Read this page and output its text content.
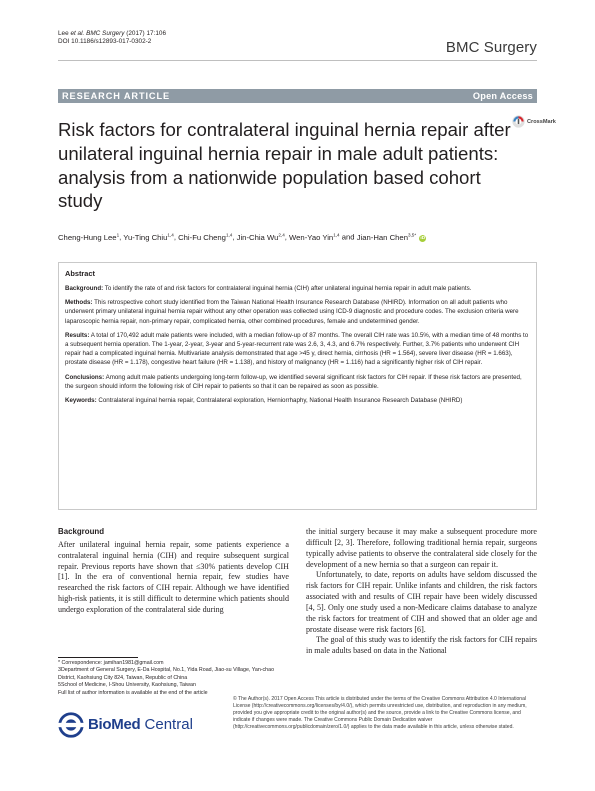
Lee et al. BMC Surgery (2017) 17:106
DOI 10.1186/s12893-017-0302-2	BMC Surgery
RESEARCH ARTICLE	Open Access
Risk factors for contralateral inguinal hernia repair after unilateral inguinal hernia repair in male adult patients: analysis from a nationwide population based cohort study
CrossMark
Cheng-Hung Lee$^1$, Yu-Ting Chiu$^{1,4}$, Chi-Fu Cheng$^{1,4}$, Jin-Chia Wu$^{2,4}$, Wen-Yao Yin$^{1,4}$ and Jian-Han Chen$^{3,5*}$ iD
Abstract

Background: To identify the rate of and risk factors for contralateral inguinal hernia (CIH) after unilateral inguinal hernia repair in adult male patients.

Methods: This retrospective cohort study identified from the Taiwan National Health Insurance Research Database (NHIRD). Information on all adult patients who underwent primary unilateral inguinal hernia repair without any other operation was collected using ICD-9 diagnostic and procedure codes. The exclusion criteria were laparoscopic hernia repair, non-primary repair, complicated hernia, other combined procedures, female and undetermined gender.

Results: A total of 170,492 adult male patients were included, with a median follow-up of 87 months. The overall CIH rate was 10.5%, with a median time of 48 months to a subsequent hernia operation. The 1-year, 2-year, 3-year and 5-year-recurrent rate was 2.6, 3, 4.3, and 6.7% respectively. Further, 3.7% patients who underwent CIH repair had a complicated inguinal hernia. Multivariate analysis demonstrated that age >45 y, direct hernia, cirrhosis (HR = 1.564), severe liver disease (HR = 1.663), prostate disease (HR = 1.178), congestive heart failure (HR = 1.138), and history of malignancy (HR = 1.116) had a significantly higher risk of CIH repair.

Conclusions: Among adult male patients undergoing long-term follow-up, we identified several significant risk factors for CIH repair. If these risk factors are presented, the surgeon should inform the following risk of CIH repair to patients so that it can be repaired as soon as possible.

Keywords: Contralateral inguinal hernia repair, Contralateral exploration, Herniorrhaphy, National Health Insurance Research Database (NHIRD)

Background

After unilateral inguinal hernia repair, some patients experience a contralateral inguinal hernia (CIH) and require subsequent surgical repair. Previous reports have shown that ≤30% patients develop CIH [1]. In the era of conventional hernia repair, few studies have researched the risk factors of CIH repair. Although we have identified high-risk patients, it is still difficult to determine which patients should undergo exploration of the contralateral side during

the initial surgery because it may make a subsequent procedure more difficult [2, 3]. Therefore, following traditional hernia repair, surgeons typically advise patients to observe the contralateral side closely for the development of a new hernia so that a surgeon can repair it.

Unfortunately, to date, reports on adults have seldom discussed the risk factors for CIH repair. Unlike infants and children, the risk factors associated with and results of CIH repair have been widely discussed [4, 5]. Only one study used a non-Medicare claims database to analyze the risk factors for treatment of CIH and showed that an older age and prostate disease were risk factors [6].

The goal of this study was to identify the risk factors for CIH repairs in male adults based on data in the National

* Correspondence: jamihan1981@gmail.com
3Department of General Surgery, E-Da Hospital, No.1, Yida Road, Jiao-su Village, Yan-chao District, Kaohsiung City 824, Taiwan, Republic of China
5School of Medicine, I-Shou University, Kaohsiung, Taiwan
Full list of author information is available at the end of the article
BioMed Central
© The Author(s). 2017 Open Access This article is distributed under the terms of the Creative Commons Attribution 4.0 International License (http://creativecommons.org/licenses/by/4.0/), which permits unrestricted use, distribution, and reproduction in any medium, provided you give appropriate credit to the original author(s) and the source, provide a link to the Creative Commons license, and indicate if changes were made. The Creative Commons Public Domain Dedication waiver (http://creativecommons.org/publicdomain/zero/1.0/) applies to the data made available in this article, unless otherwise stated.
